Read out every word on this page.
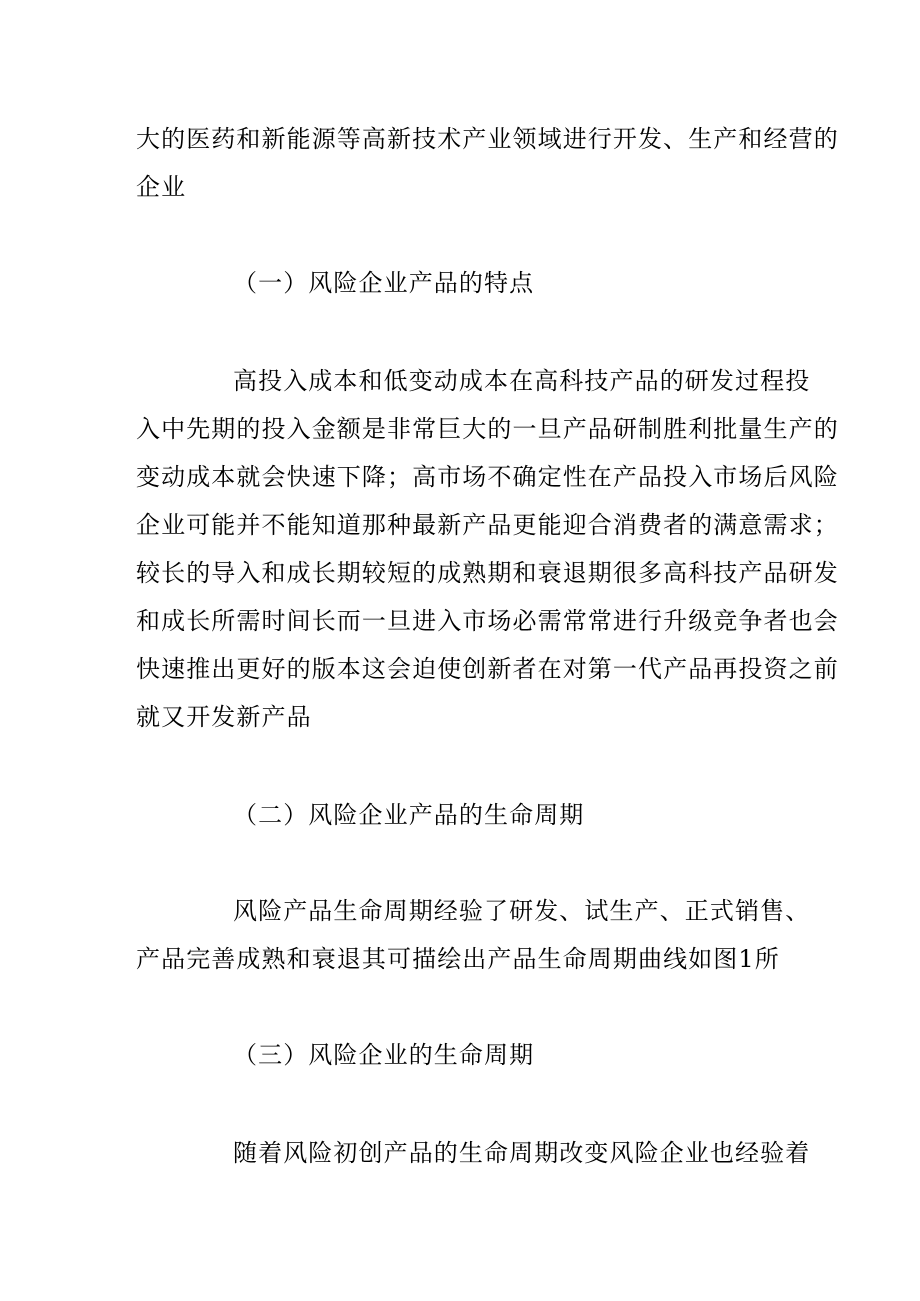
大的医药和新能源等高新技术产业领域进行开发、生产和经营的
企业
（一）风险企业产品的特点
高投入成本和低变动成本在高科技产品的研发过程投
入中先期的投入金额是非常巨大的一旦产品研制胜利批量生产的
变动成本就会快速下降；高市场不确定性在产品投入市场后风险
企业可能并不能知道那种最新产品更能迎合消费者的满意需求；
较长的导入和成长期较短的成熟期和衰退期很多高科技产品研发
和成长所需时间长而一旦进入市场必需常常进行升级竞争者也会
快速推出更好的版本这会迫使创新者在对第一代产品再投资之前
就又开发新产品
（二）风险企业产品的生命周期
风险产品生命周期经验了研发、试生产、正式销售、
产品完善成熟和衰退其可描绘出产品生命周期曲线如图1所
（三）风险企业的生命周期
随着风险初创产品的生命周期改变风险企业也经验着
